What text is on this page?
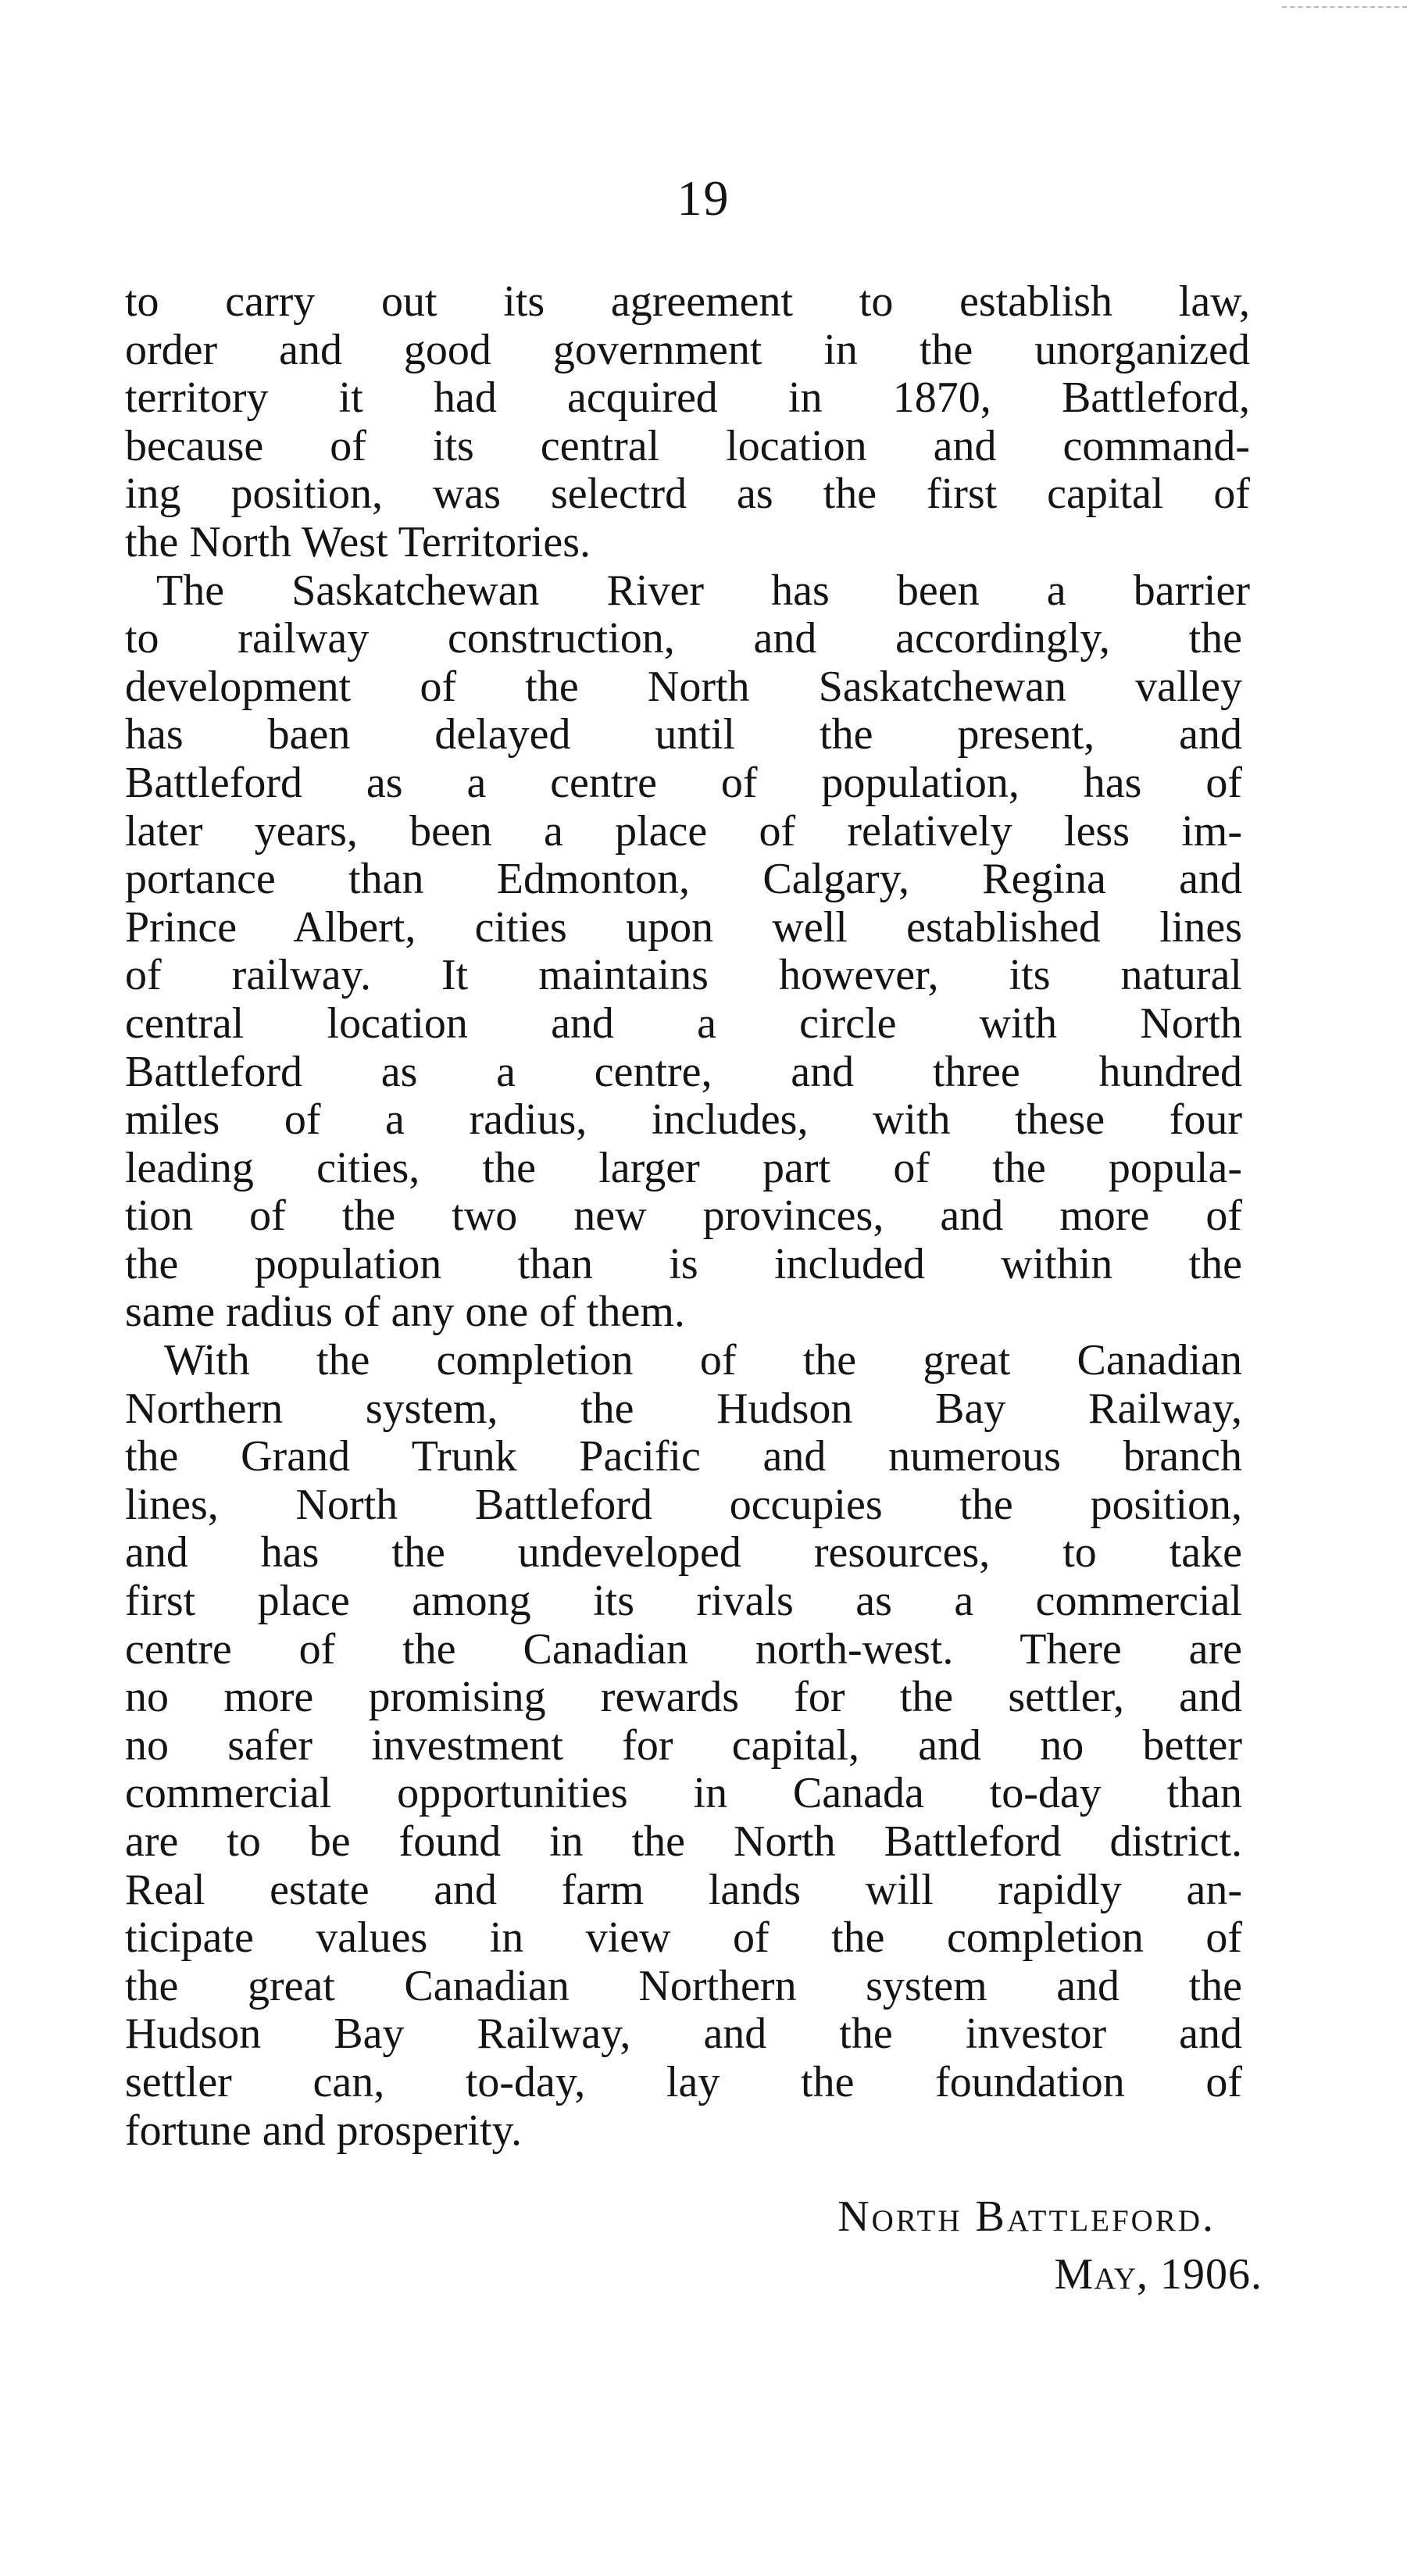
19
to carry out its agreement to establish law,
order and good government in the unorganized
territory it had acquired in 1870, Battleford,
because of its central location and command-
ing position, was selectrd as the first capital of
the North West Territories.
The Saskatchewan River has been a barrier
to railway construction, and accordingly, the
development of the North Saskatchewan valley
has baen delayed until the present, and
Battleford as a centre of population, has of
later years, been a place of relatively less im-
portance than Edmonton, Calgary, Regina and
Prince Albert, cities upon well established lines
of railway. It maintains however, its natural
central location and a circle with North
Battleford as a centre, and three hundred
miles of a radius, includes, with these four
leading cities, the larger part of the popula-
tion of the two new provinces, and more of
the population than is included within the
same radius of any one of them.
With the completion of the great Canadian
Northern system, the Hudson Bay Railway,
the Grand Trunk Pacific and numerous branch
lines, North Battleford occupies the position,
and has the undeveloped resources, to take
first place among its rivals as a commercial
centre of the Canadian north-west. There are
no more promising rewards for the settler, and
no safer investment for capital, and no better
commercial opportunities in Canada to-day than
are to be found in the North Battleford district.
Real estate and farm lands will rapidly an-
ticipate values in view of the completion of
the great Canadian Northern system and the
Hudson Bay Railway, and the investor and
settler can, to-day, lay the foundation of
fortune and prosperity.
North Battleford.
May, 1906.
